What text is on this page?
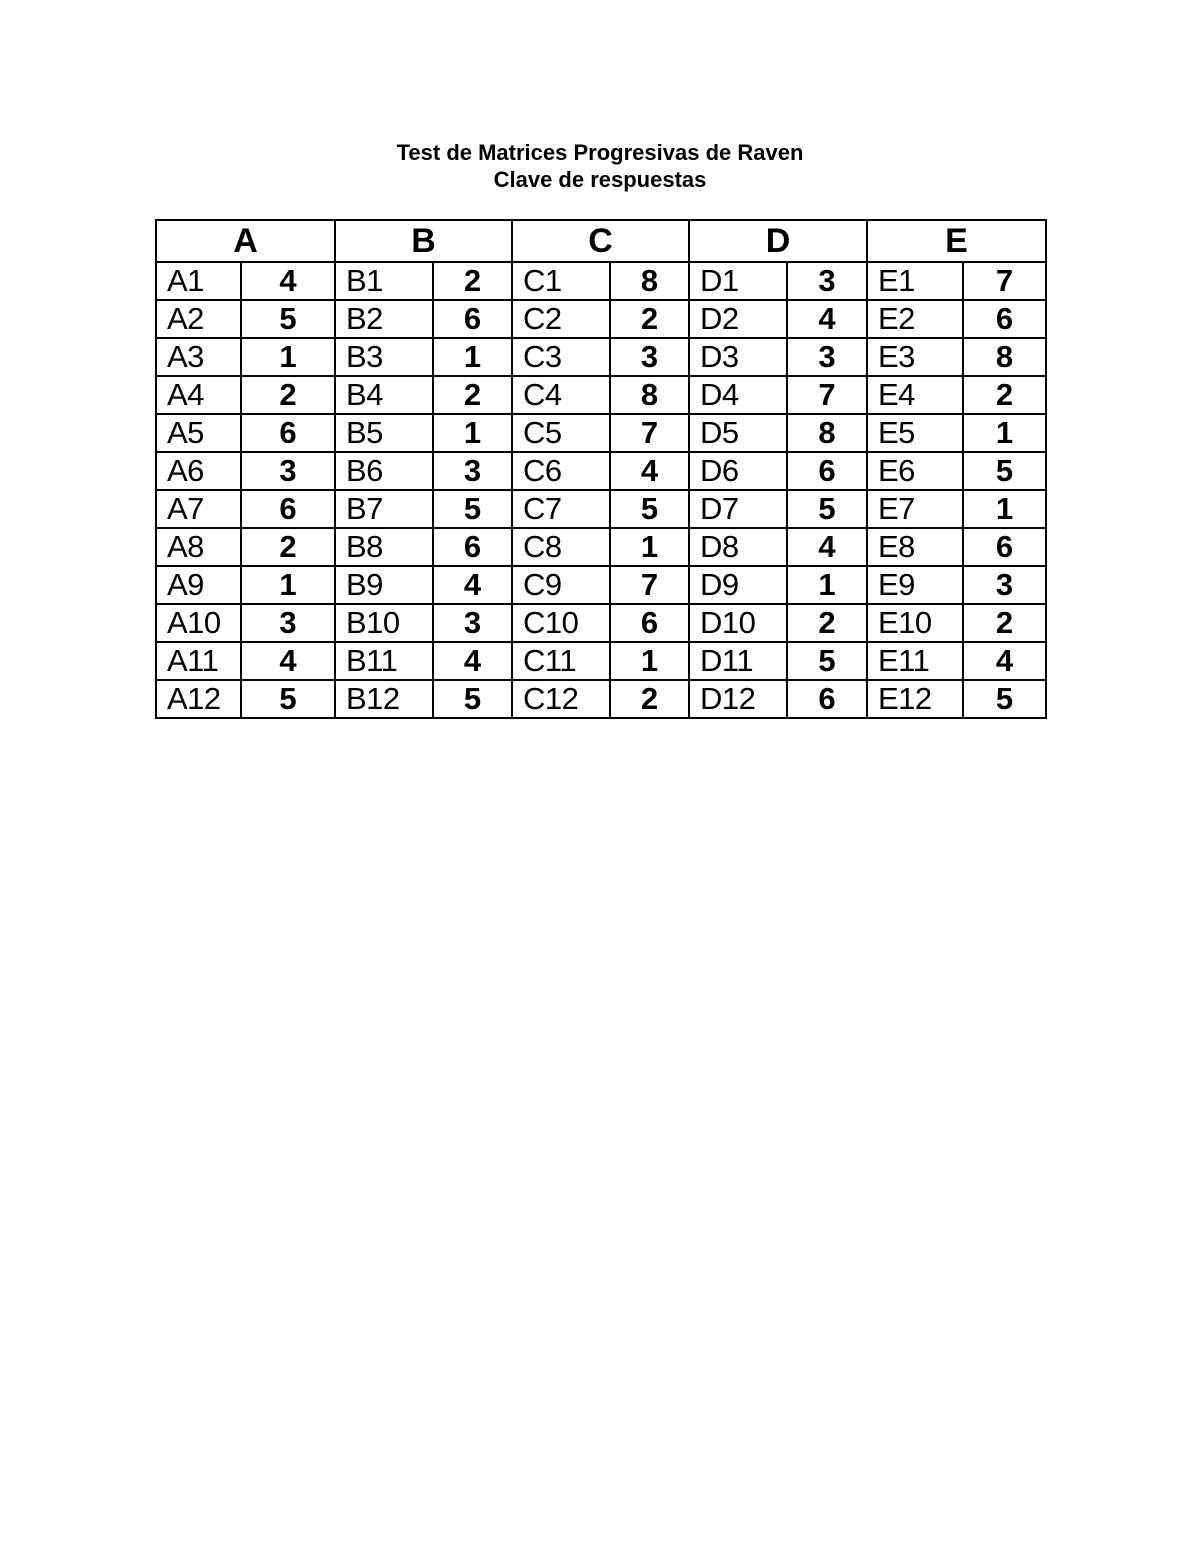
Test de Matrices Progresivas de Raven
Clave de respuestas
A		B		C		D		E	
A1	4	B1	2	C1	8	D1	3	E1	7
A2	5	B2	6	C2	2	D2	4	E2	6
A3	1	B3	1	C3	3	D3	3	E3	8
A4	2	B4	2	C4	8	D4	7	E4	2
A5	6	B5	1	C5	7	D5	8	E5	1
A6	3	B6	3	C6	4	D6	6	E6	5
A7	6	B7	5	C7	5	D7	5	E7	1
A8	2	B8	6	C8	1	D8	4	E8	6
A9	1	B9	4	C9	7	D9	1	E9	3
A10	3	B10	3	C10	6	D10	2	E10	2
A11	4	B11	4	C11	1	D11	5	E11	4
A12	5	B12	5	C12	2	D12	6	E12	5
